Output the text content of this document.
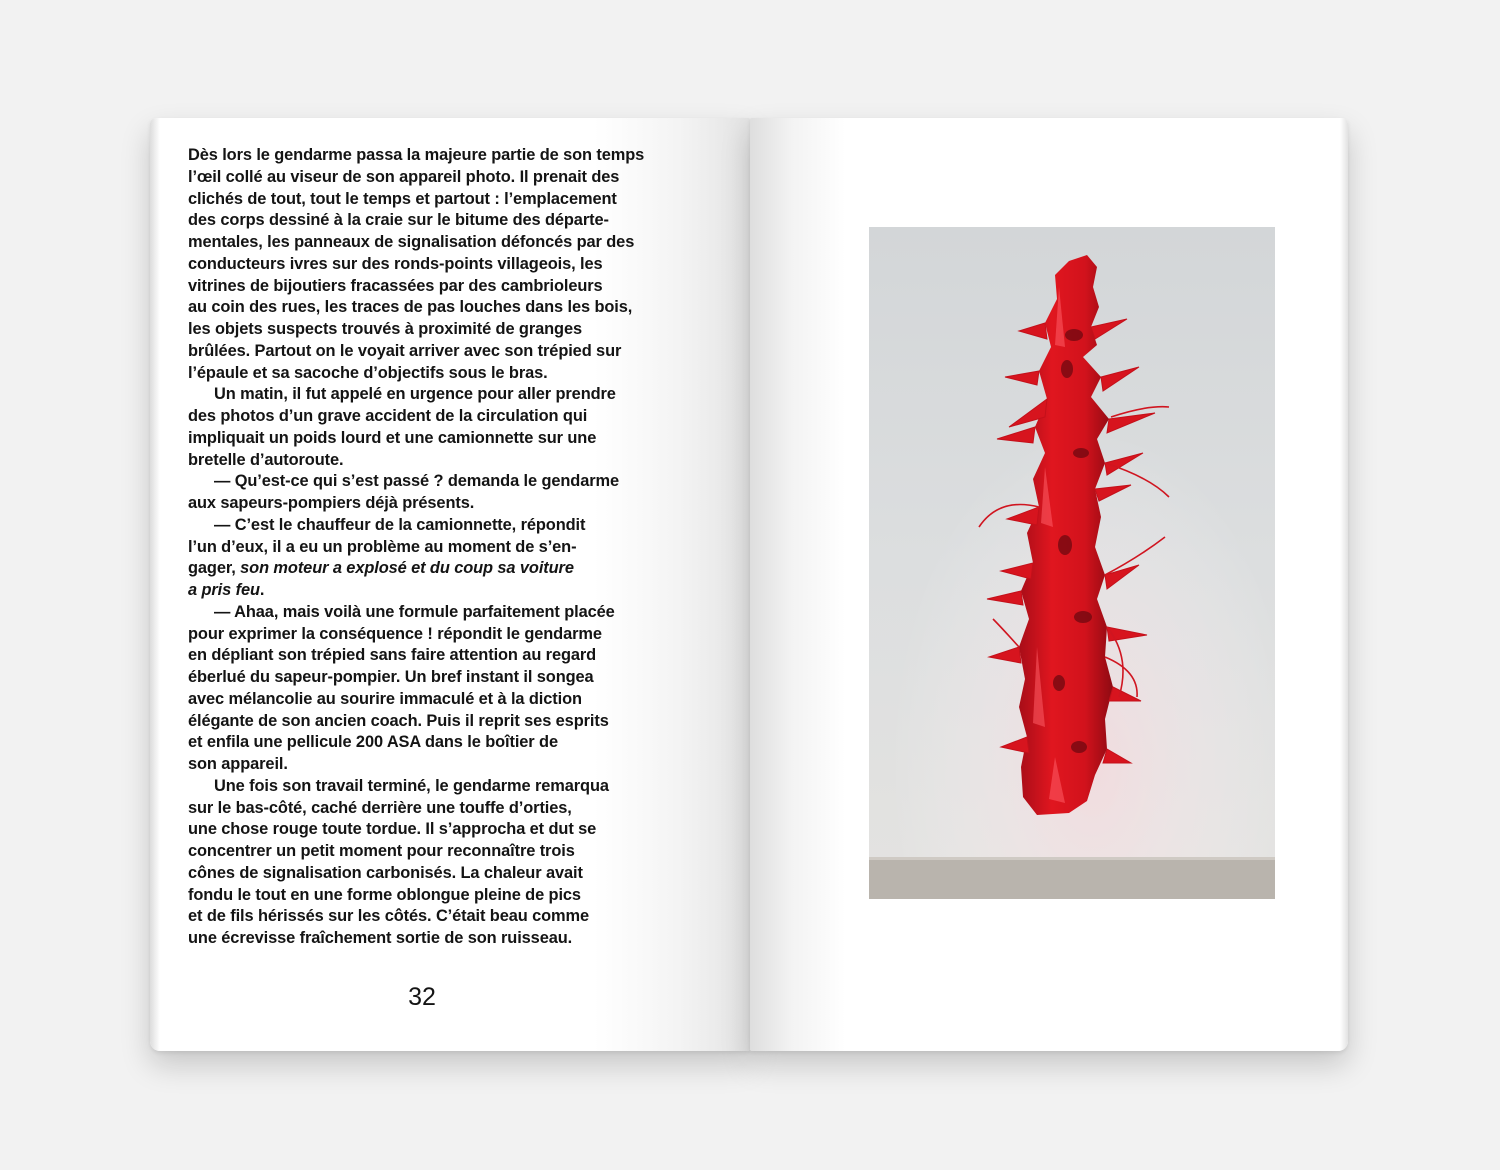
Dès lors le gendarme passa la majeure partie de son temps
l’œil collé au viseur de son appareil photo. Il prenait des
clichés de tout, tout le temps et partout : l’emplacement
des corps dessiné à la craie sur le bitume des départe-
mentales, les panneaux de signalisation défoncés par des
conducteurs ivres sur des ronds-points villageois, les
vitrines de bijoutiers fracassées par des cambrioleurs
au coin des rues, les traces de pas louches dans les bois,
les objets suspects trouvés à proximité de granges
brûlées. Partout on le voyait arriver avec son trépied sur
l’épaule et sa sacoche d’objectifs sous le bras.
Un matin, il fut appelé en urgence pour aller prendre
des photos d’un grave accident de la circulation qui
impliquait un poids lourd et une camionnette sur une
bretelle d’autoroute.
— Qu’est-ce qui s’est passé ? demanda le gendarme
aux sapeurs-pompiers déjà présents.
— C’est le chauffeur de la camionnette, répondit
l’un d’eux, il a eu un problème au moment de s’en-
gager, son moteur a explosé et du coup sa voiture
a pris feu.
— Ahaa, mais voilà une formule parfaitement placée
pour exprimer la conséquence ! répondit le gendarme
en dépliant son trépied sans faire attention au regard
éberlué du sapeur-pompier. Un bref instant il songea
avec mélancolie au sourire immaculé et à la diction
élégante de son ancien coach. Puis il reprit ses esprits
et enfila une pellicule 200 ASA dans le boîtier de
son appareil.
Une fois son travail terminé, le gendarme remarqua
sur le bas-côté, caché derrière une touffe d’orties,
une chose rouge toute tordue. Il s’approcha et dut se
concentrer un petit moment pour reconnaître trois
cônes de signalisation carbonisés. La chaleur avait
fondu le tout en une forme oblongue pleine de pics
et de fils hérissés sur les côtés. C’était beau comme
une écrevisse fraîchement sortie de son ruisseau.
32
